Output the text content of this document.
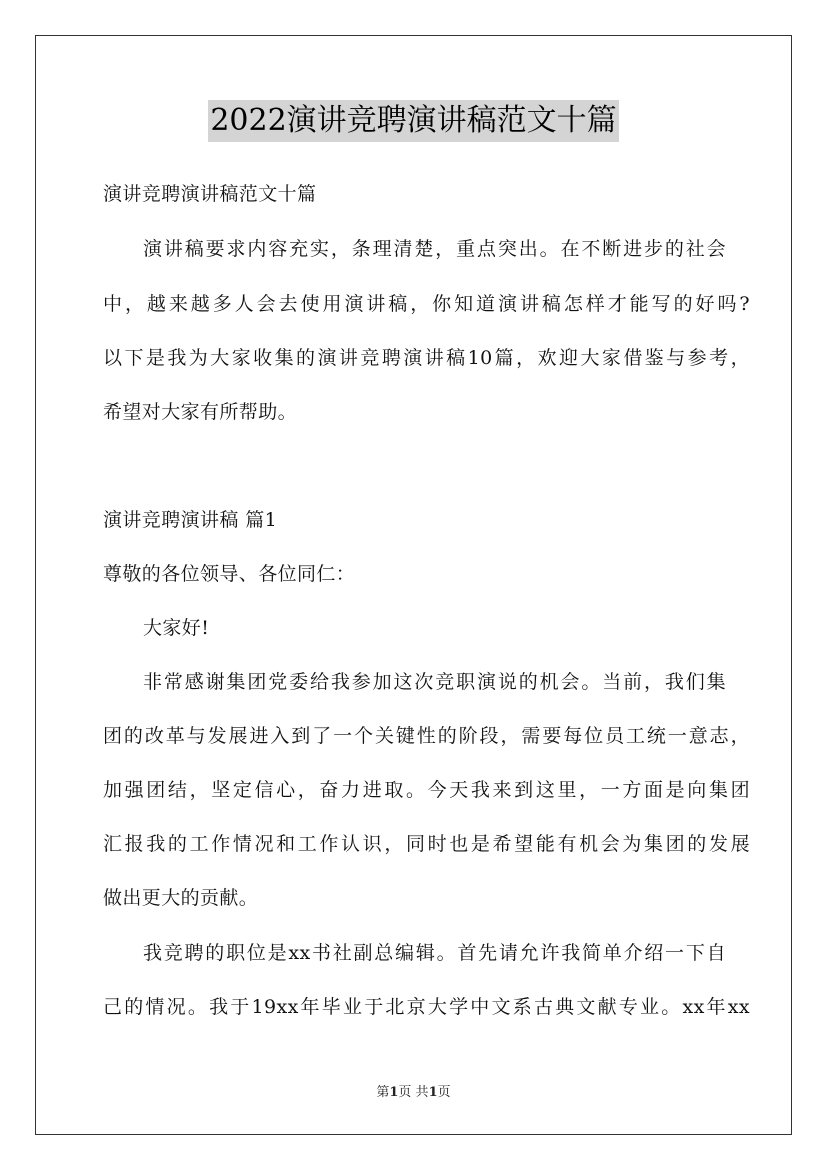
2022演讲竞聘演讲稿范文十篇
演讲竞聘演讲稿范文十篇
演讲稿要求内容充实，条理清楚，重点突出。在不断进步的社会
中，越来越多人会去使用演讲稿，你知道演讲稿怎样才能写的好吗?
以下是我为大家收集的演讲竞聘演讲稿10篇，欢迎大家借鉴与参考，
希望对大家有所帮助。
演讲竞聘演讲稿 篇1
尊敬的各位领导、各位同仁：
大家好!
非常感谢集团党委给我参加这次竞职演说的机会。当前，我们集
团的改革与发展进入到了一个关键性的阶段，需要每位员工统一意志，
加强团结，坚定信心，奋力进取。今天我来到这里，一方面是向集团
汇报我的工作情况和工作认识，同时也是希望能有机会为集团的发展
做出更大的贡献。
我竞聘的职位是xx书社副总编辑。首先请允许我简单介绍一下自
己的情况。我于19xx年毕业于北京大学中文系古典文献专业。xx年xx
第1页 共1页
